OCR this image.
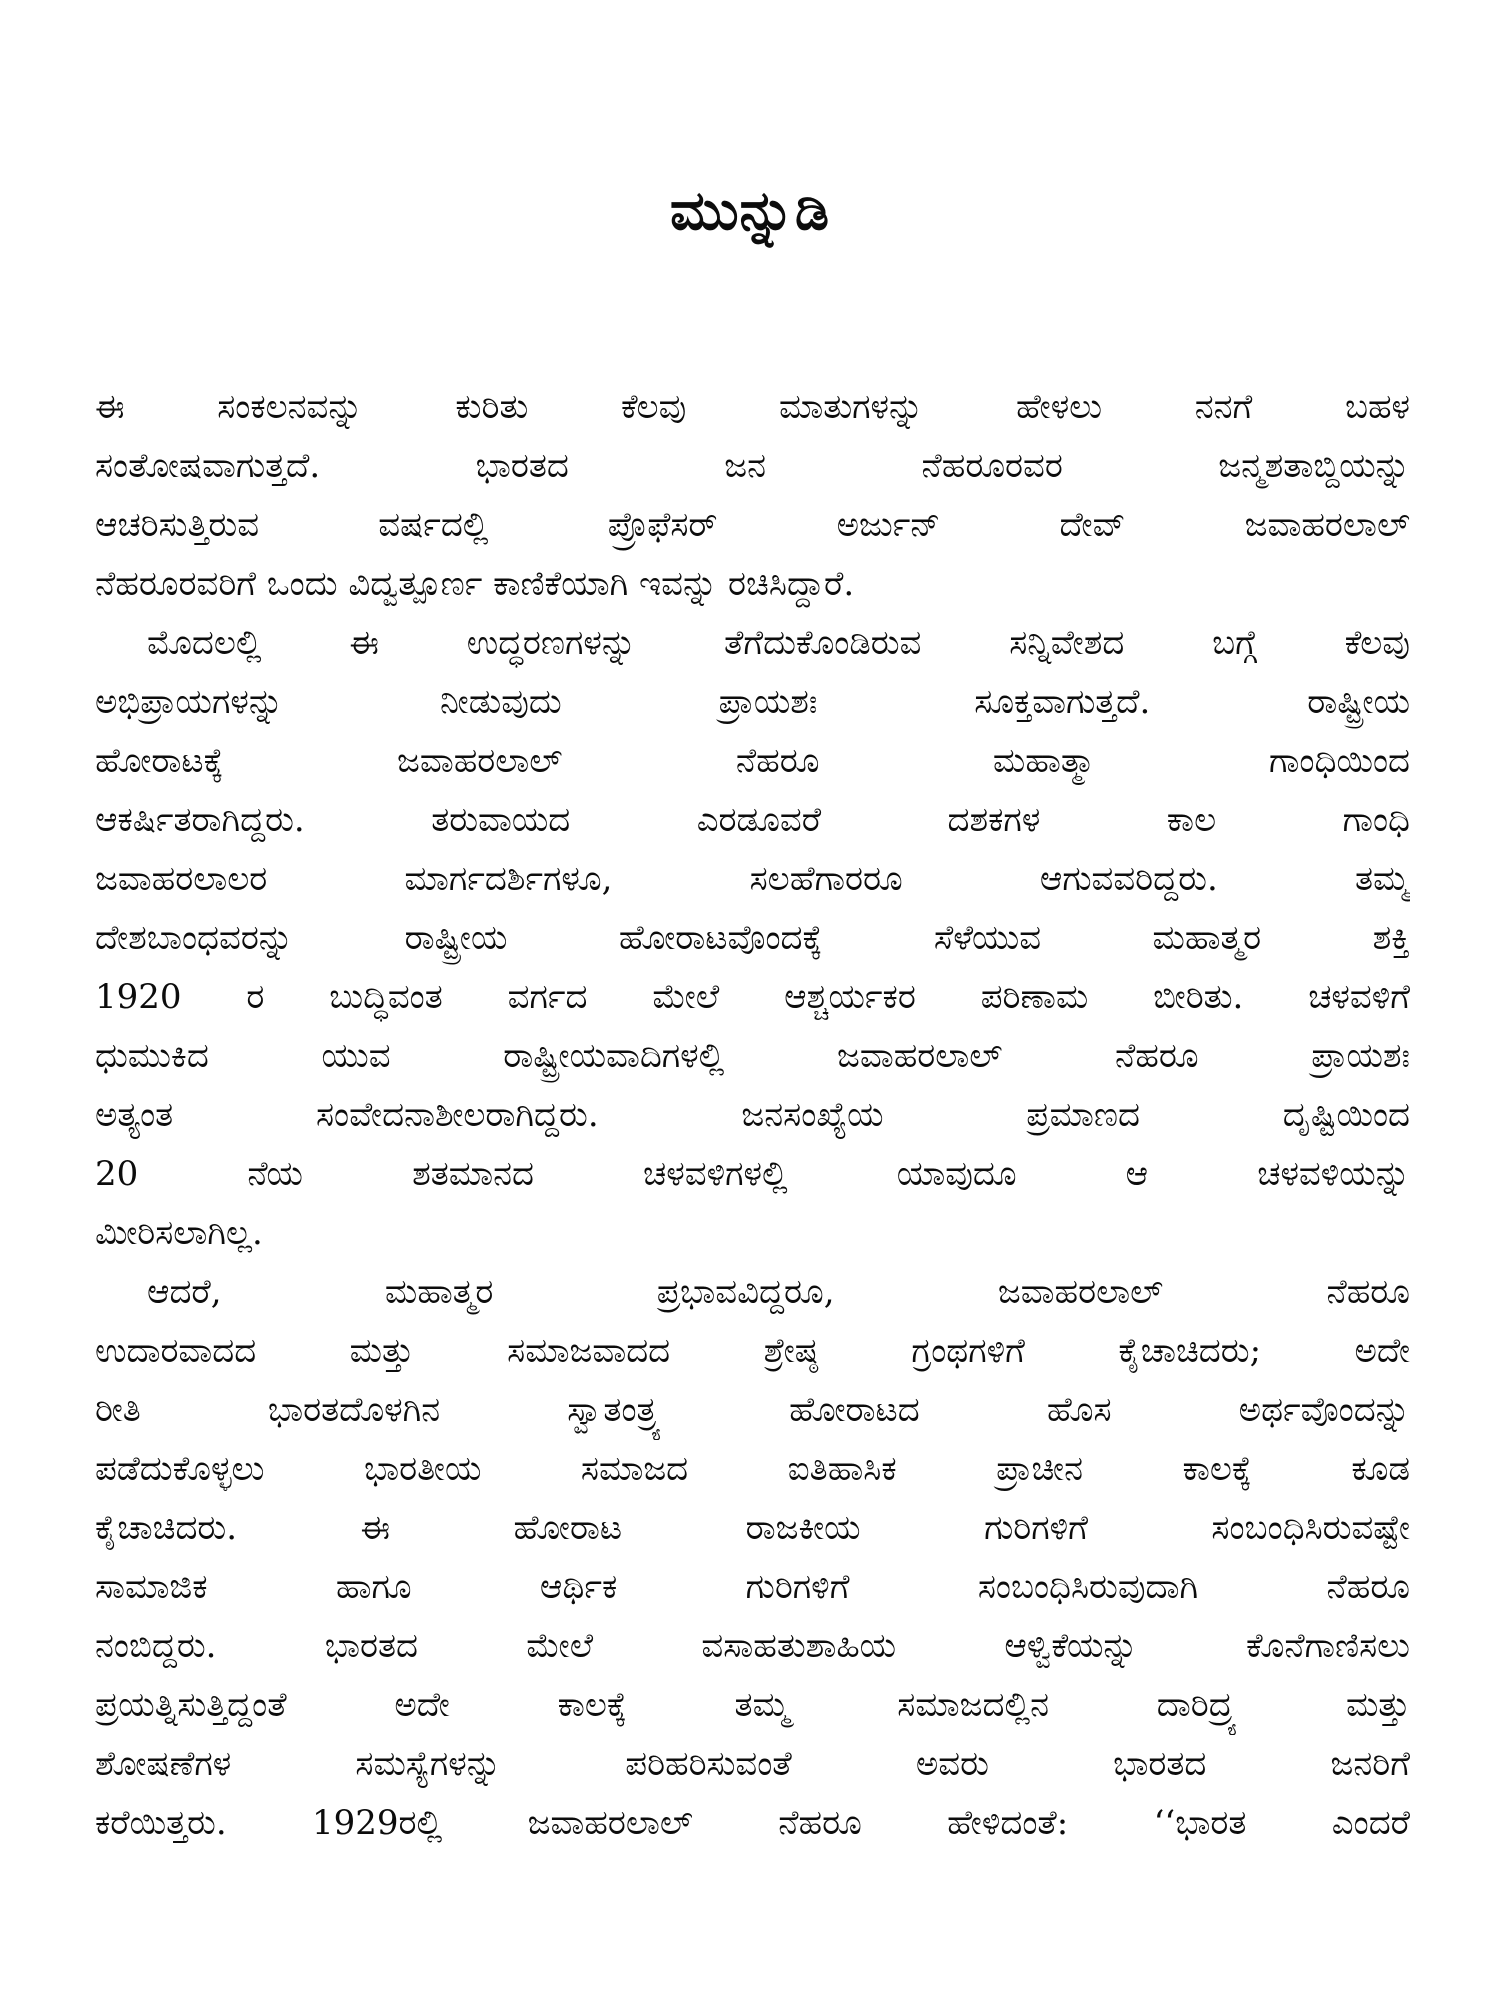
ಮುನ್ನುಡಿ
ಈ ಸಂಕಲನವನ್ನು ಕುರಿತು ಕೆಲವು ಮಾತುಗಳನ್ನು ಹೇಳಲು ನನಗೆ ಬಹಳ
ಸಂತೋಷವಾಗುತ್ತದೆ. ಭಾರತದ ಜನ ನೆಹರೂರವರ ಜನ್ಮಶತಾಬ್ದಿಯನ್ನು
ಆಚರಿಸುತ್ತಿರುವ ವರ್ಷದಲ್ಲಿ ಪ್ರೊಫೆಸರ್ ಅರ್ಜುನ್ ದೇವ್ ಜವಾಹರಲಾಲ್
ನೆಹರೂರವರಿಗೆ ಒಂದು ವಿದ್ವತ್ಪೂರ್ಣ ಕಾಣಿಕೆಯಾಗಿ ಇವನ್ನು ರಚಿಸಿದ್ದಾರೆ.
ಮೊದಲಲ್ಲಿ ಈ ಉದ್ಧರಣಗಳನ್ನು ತೆಗೆದುಕೊಂಡಿರುವ ಸನ್ನಿವೇಶದ ಬಗ್ಗೆ ಕೆಲವು
ಅಭಿಪ್ರಾಯಗಳನ್ನು ನೀಡುವುದು ಪ್ರಾಯಶಃ ಸೂಕ್ತವಾಗುತ್ತದೆ. ರಾಷ್ಟ್ರೀಯ
ಹೋರಾಟಕ್ಕೆ ಜವಾಹರಲಾಲ್ ನೆಹರೂ ಮಹಾತ್ಮಾ ಗಾಂಧಿಯಿಂದ
ಆಕರ್ಷಿತರಾಗಿದ್ದರು. ತರುವಾಯದ ಎರಡೂವರೆ ದಶಕಗಳ ಕಾಲ ಗಾಂಧಿ
ಜವಾಹರಲಾಲರ ಮಾರ್ಗದರ್ಶಿಗಳೂ, ಸಲಹೆಗಾರರೂ ಆಗುವವರಿದ್ದರು. ತಮ್ಮ
ದೇಶಬಾಂಧವರನ್ನು ರಾಷ್ಟ್ರೀಯ ಹೋರಾಟವೊಂದಕ್ಕೆ ಸೆಳೆಯುವ ಮಹಾತ್ಮರ ಶಕ್ತಿ
1920 ರ ಬುದ್ಧಿವಂತ ವರ್ಗದ ಮೇಲೆ ಆಶ್ಚರ್ಯಕರ ಪರಿಣಾಮ ಬೀರಿತು. ಚಳವಳಿಗೆ
ಧುಮುಕಿದ ಯುವ ರಾಷ್ಟ್ರೀಯವಾದಿಗಳಲ್ಲಿ ಜವಾಹರಲಾಲ್ ನೆಹರೂ ಪ್ರಾಯಶಃ
ಅತ್ಯಂತ ಸಂವೇದನಾಶೀಲರಾಗಿದ್ದರು. ಜನಸಂಖ್ಯೆಯ ಪ್ರಮಾಣದ ದೃಷ್ಟಿಯಿಂದ
20 ನೆಯ ಶತಮಾನದ ಚಳವಳಿಗಳಲ್ಲಿ ಯಾವುದೂ ಆ ಚಳವಳಿಯನ್ನು
ಮೀರಿಸಲಾಗಿಲ್ಲ.
ಆದರೆ, ಮಹಾತ್ಮರ ಪ್ರಭಾವವಿದ್ದರೂ, ಜವಾಹರಲಾಲ್ ನೆಹರೂ
ಉದಾರವಾದದ ಮತ್ತು ಸಮಾಜವಾದದ ಶ್ರೇಷ್ಠ ಗ್ರಂಥಗಳಿಗೆ ಕೈಚಾಚಿದರು; ಅದೇ
ರೀತಿ ಭಾರತದೊಳಗಿನ ಸ್ವಾತಂತ್ರ್ಯ ಹೋರಾಟದ ಹೊಸ ಅರ್ಥವೊಂದನ್ನು
ಪಡೆದುಕೊಳ್ಳಲು ಭಾರತೀಯ ಸಮಾಜದ ಐತಿಹಾಸಿಕ ಪ್ರಾಚೀನ ಕಾಲಕ್ಕೆ ಕೂಡ
ಕೈಚಾಚಿದರು. ಈ ಹೋರಾಟ ರಾಜಕೀಯ ಗುರಿಗಳಿಗೆ ಸಂಬಂಧಿಸಿರುವಷ್ಟೇ
ಸಾಮಾಜಿಕ ಹಾಗೂ ಆರ್ಥಿಕ ಗುರಿಗಳಿಗೆ ಸಂಬಂಧಿಸಿರುವುದಾಗಿ ನೆಹರೂ
ನಂಬಿದ್ದರು. ಭಾರತದ ಮೇಲೆ ವಸಾಹತುಶಾಹಿಯ ಆಳ್ವಿಕೆಯನ್ನು ಕೊನೆಗಾಣಿಸಲು
ಪ್ರಯತ್ನಿಸುತ್ತಿದ್ದಂತೆ ಅದೇ ಕಾಲಕ್ಕೆ ತಮ್ಮ ಸಮಾಜದಲ್ಲಿನ ದಾರಿದ್ರ್ಯ ಮತ್ತು
ಶೋಷಣೆಗಳ ಸಮಸ್ಯೆಗಳನ್ನು ಪರಿಹರಿಸುವಂತೆ ಅವರು ಭಾರತದ ಜನರಿಗೆ
ಕರೆಯಿತ್ತರು. 1929ರಲ್ಲಿ ಜವಾಹರಲಾಲ್ ನೆಹರೂ ಹೇಳಿದಂತೆ: ‘‘ಭಾರತ ಎಂದರೆ
